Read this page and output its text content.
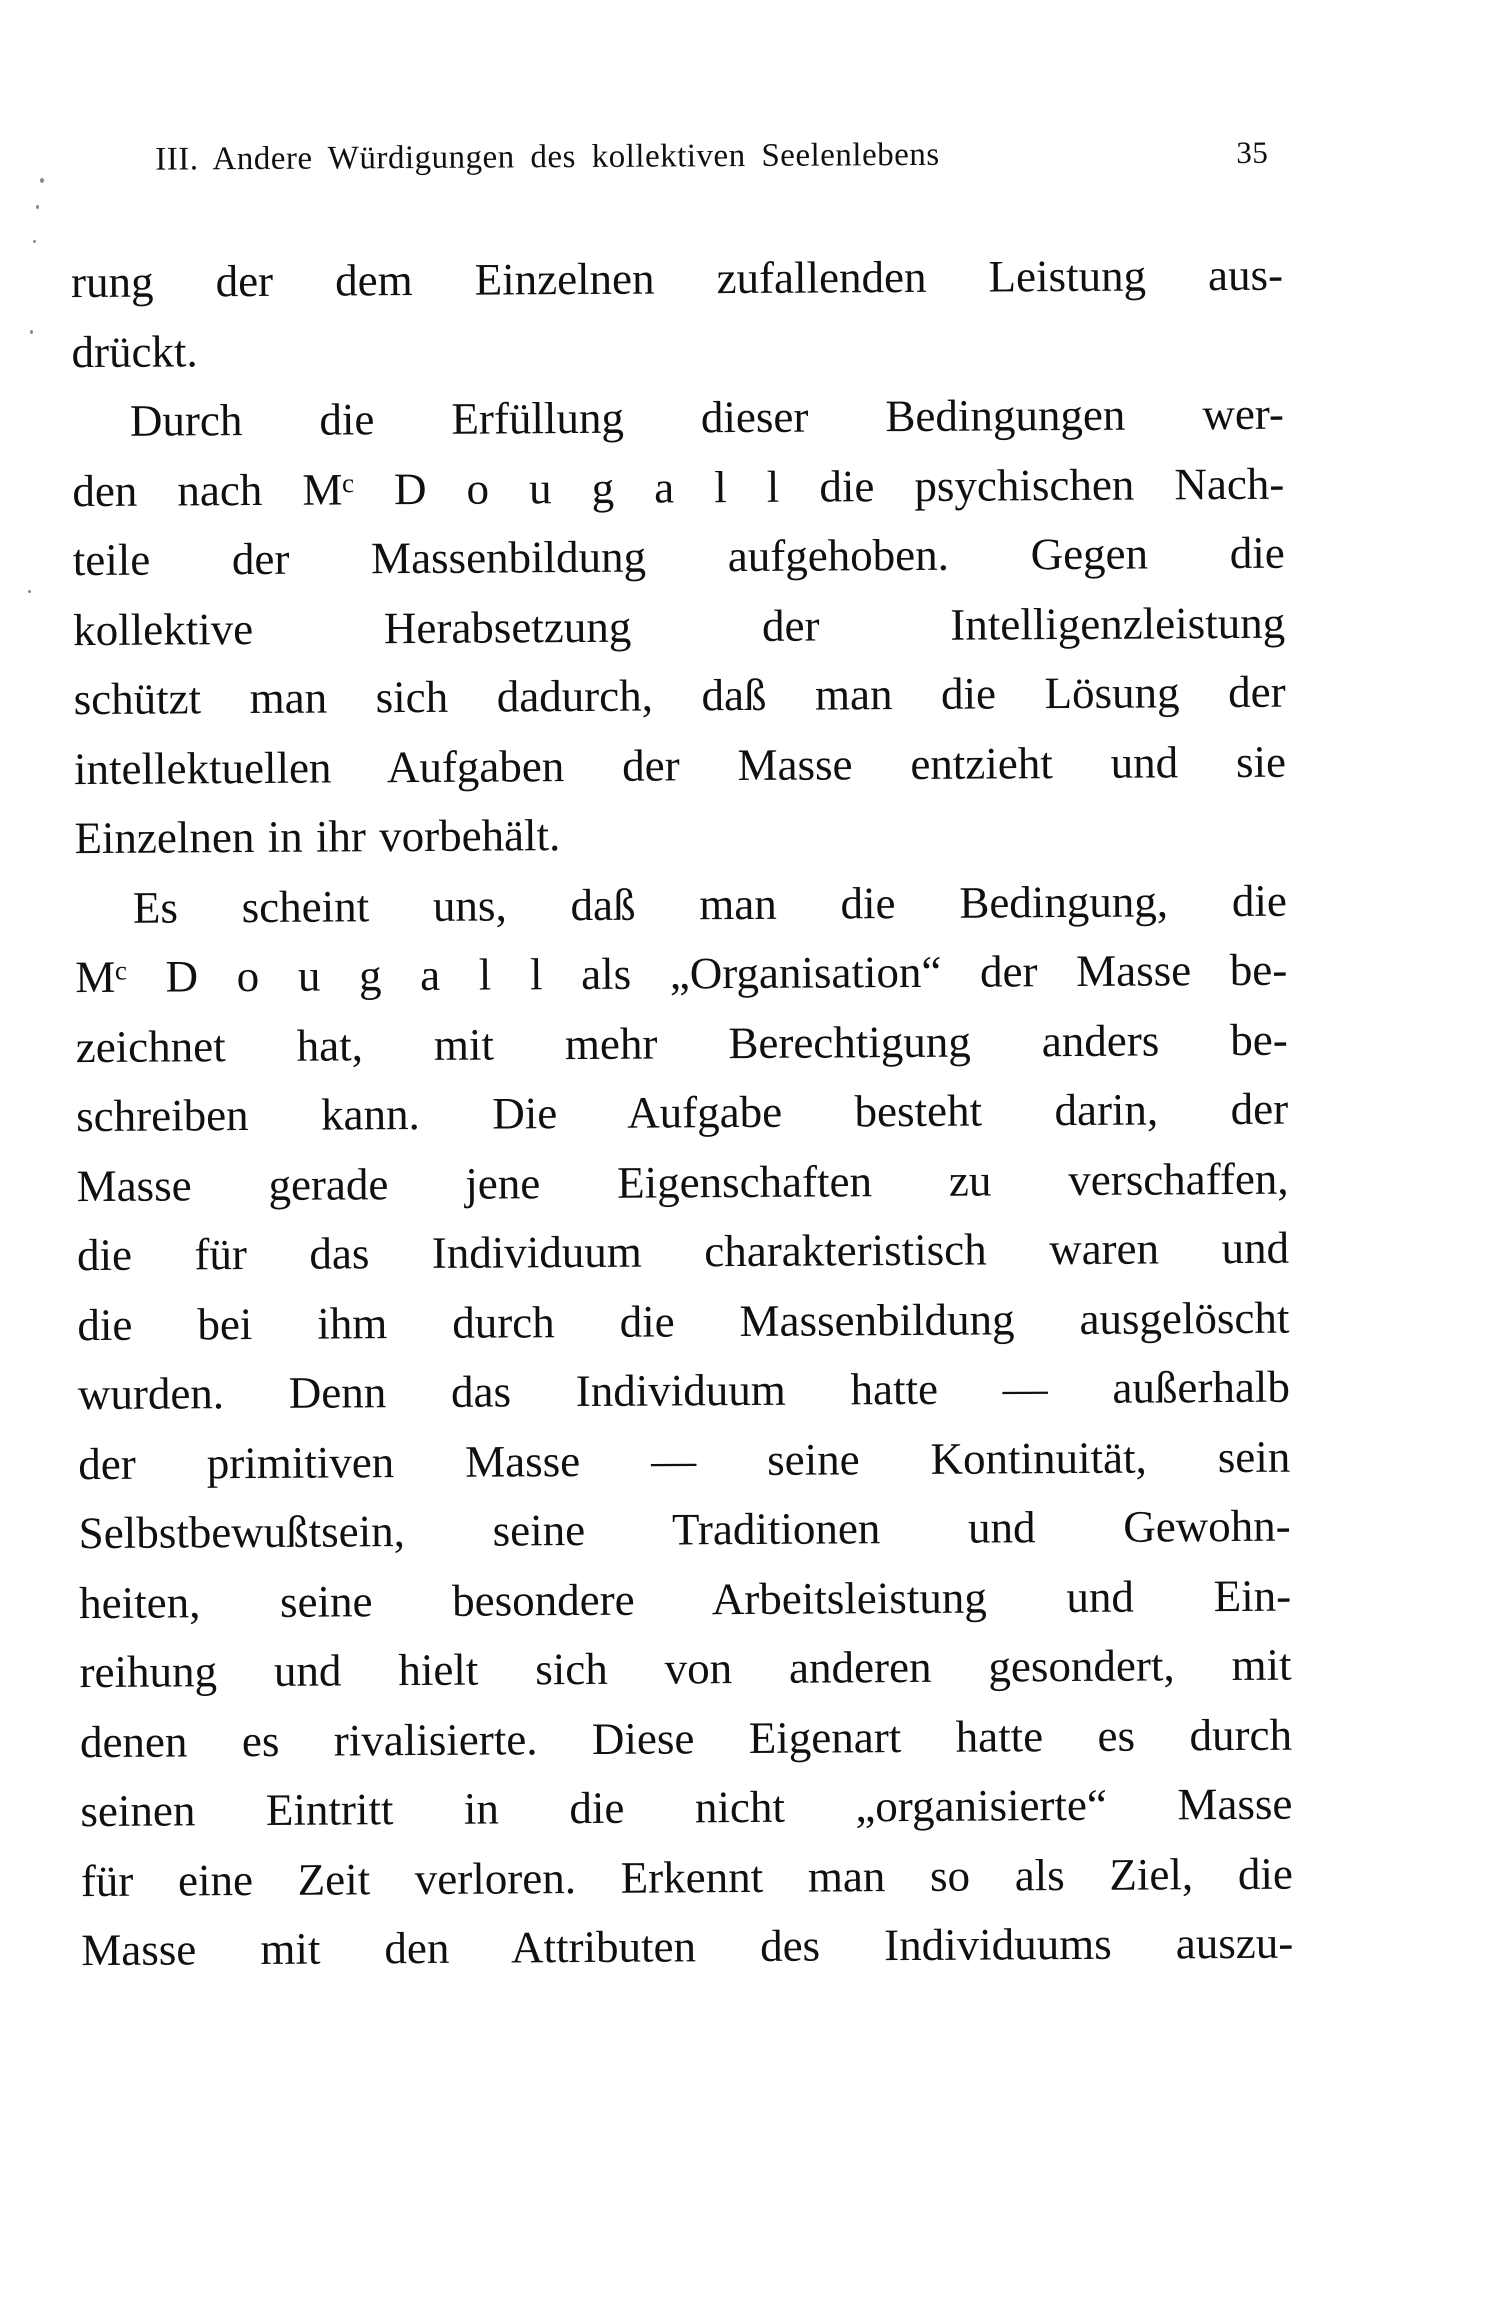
III. Andere Würdigungen des kollektiven Seelenlebens	35
rung der dem Einzelnen zufallenden Leistung aus-
drückt.
Durch die Erfüllung dieser Bedingungen wer-
den nach Mᶜ D o u g a l l die psychischen Nach-
teile der Massenbildung aufgehoben. Gegen die
kollektive Herabsetzung der Intelligenzleistung
schützt man sich dadurch, daß man die Lösung der
intellektuellen Aufgaben der Masse entzieht und sie
Einzelnen in ihr vorbehält.
Es scheint uns, daß man die Bedingung, die
Mᶜ D o u g a l l als „Organisation“ der Masse be-
zeichnet hat, mit mehr Berechtigung anders be-
schreiben kann. Die Aufgabe besteht darin, der
Masse gerade jene Eigenschaften zu verschaffen,
die für das Individuum charakteristisch waren und
die bei ihm durch die Massenbildung ausgelöscht
wurden. Denn das Individuum hatte — außerhalb
der primitiven Masse — seine Kontinuität, sein
Selbstbewußtsein, seine Traditionen und Gewohn-
heiten, seine besondere Arbeitsleistung und Ein-
reihung und hielt sich von anderen gesondert, mit
denen es rivalisierte. Diese Eigenart hatte es durch
seinen Eintritt in die nicht „organisierte“ Masse
für eine Zeit verloren. Erkennt man so als Ziel, die
Masse mit den Attributen des Individuums auszu-
